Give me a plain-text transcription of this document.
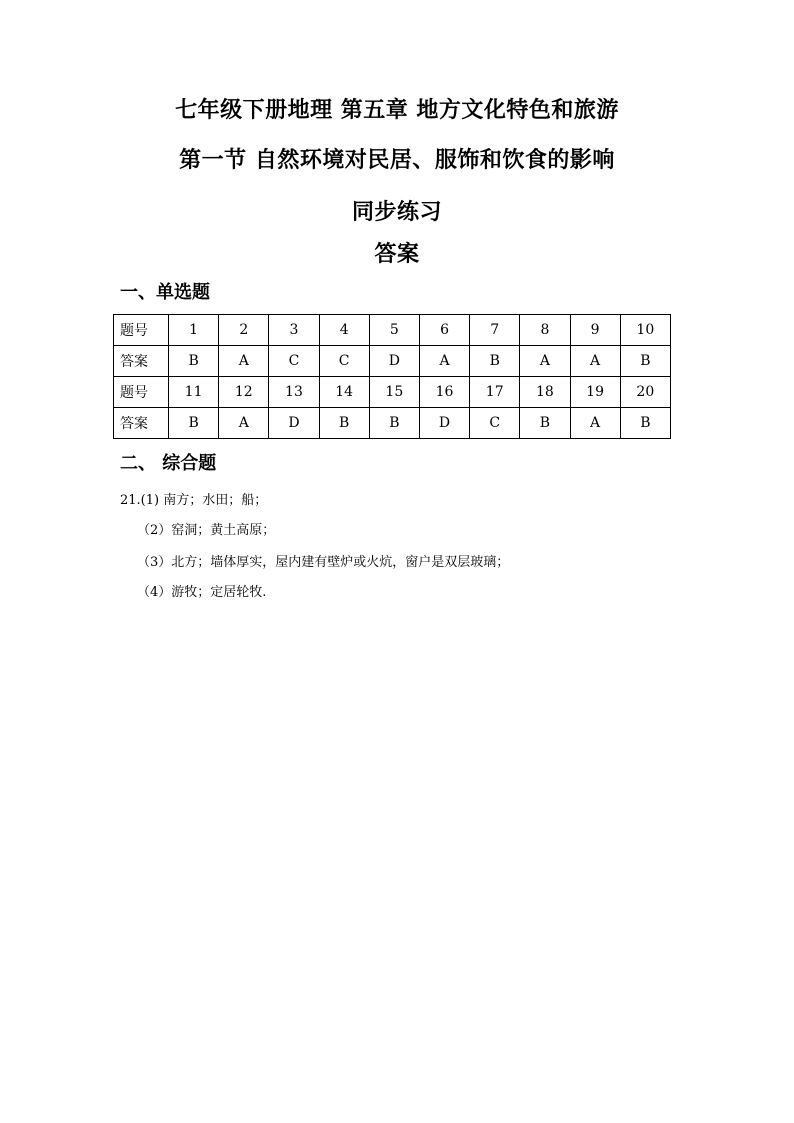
七年级下册地理 第五章 地方文化特色和旅游
第一节 自然环境对民居、服饰和饮食的影响
同步练习
答案
一、单选题
题号	1	2	3	4	5	6	7	8	9	10
答案	B	A	C	C	D	A	B	A	A	B
题号	11	12	13	14	15	16	17	18	19	20
答案	B	A	D	B	B	D	C	B	A	B
二、 综合题
21.(1) 南方；水田；船；
（2）窑洞；黄土高原；
（3）北方；墙体厚实，屋内建有壁炉或火炕，窗户是双层玻璃；
（4）游牧；定居轮牧.
